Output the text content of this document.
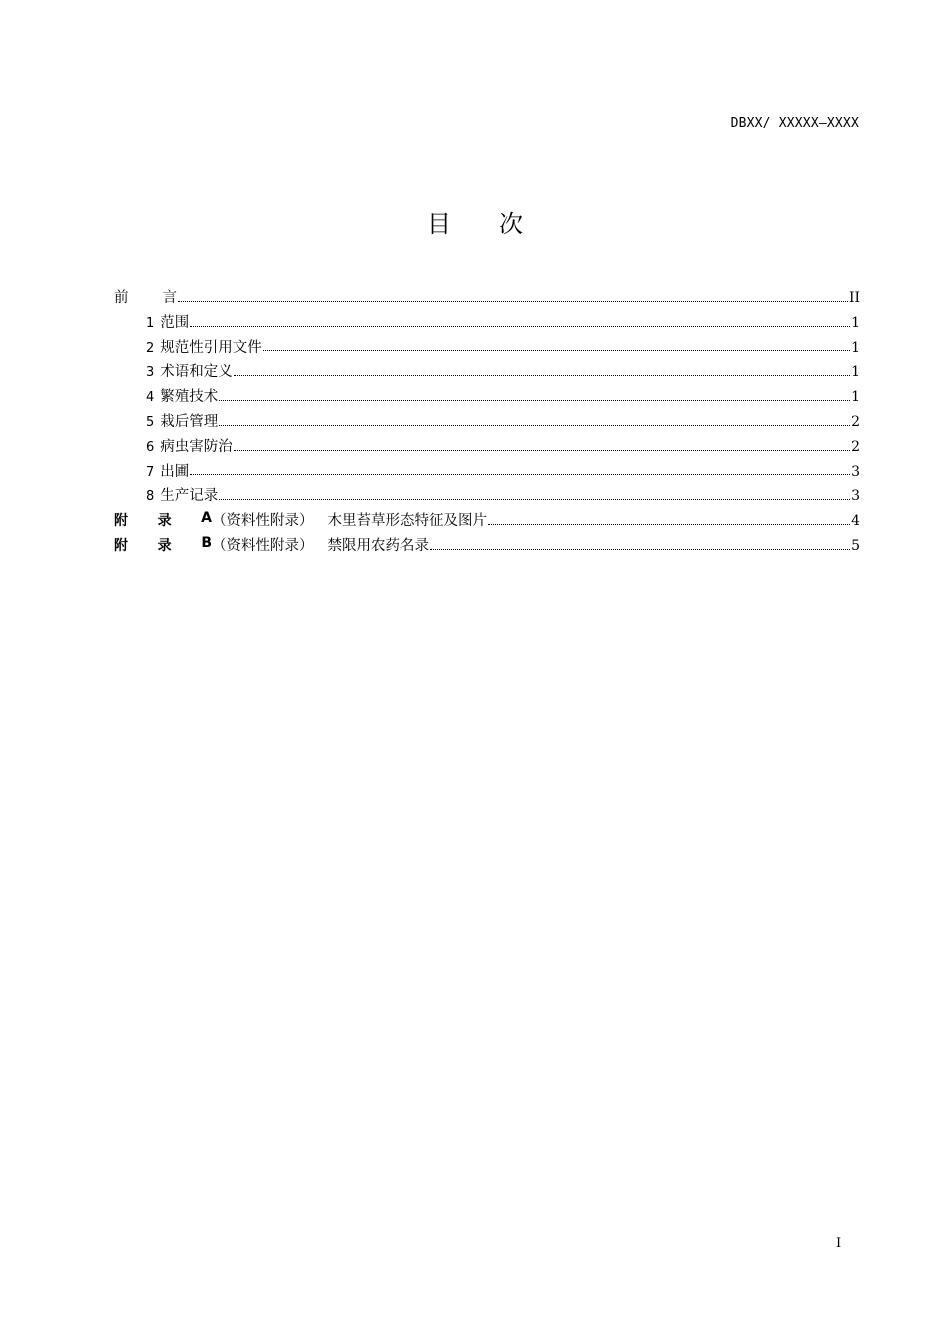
DBXX/ XXXXX—XXXX
目次
前 言	II
1 范围	1
2 规范性引用文件	1
3 术语和定义	1
4 繁殖技术	1
5 栽后管理	2
6 病虫害防治	2
7 出圃	3
8 生产记录	3
附 录 A （资料性附录） 木里苔草形态特征及图片	4
附 录 B （资料性附录） 禁限用农药名录	5
I
